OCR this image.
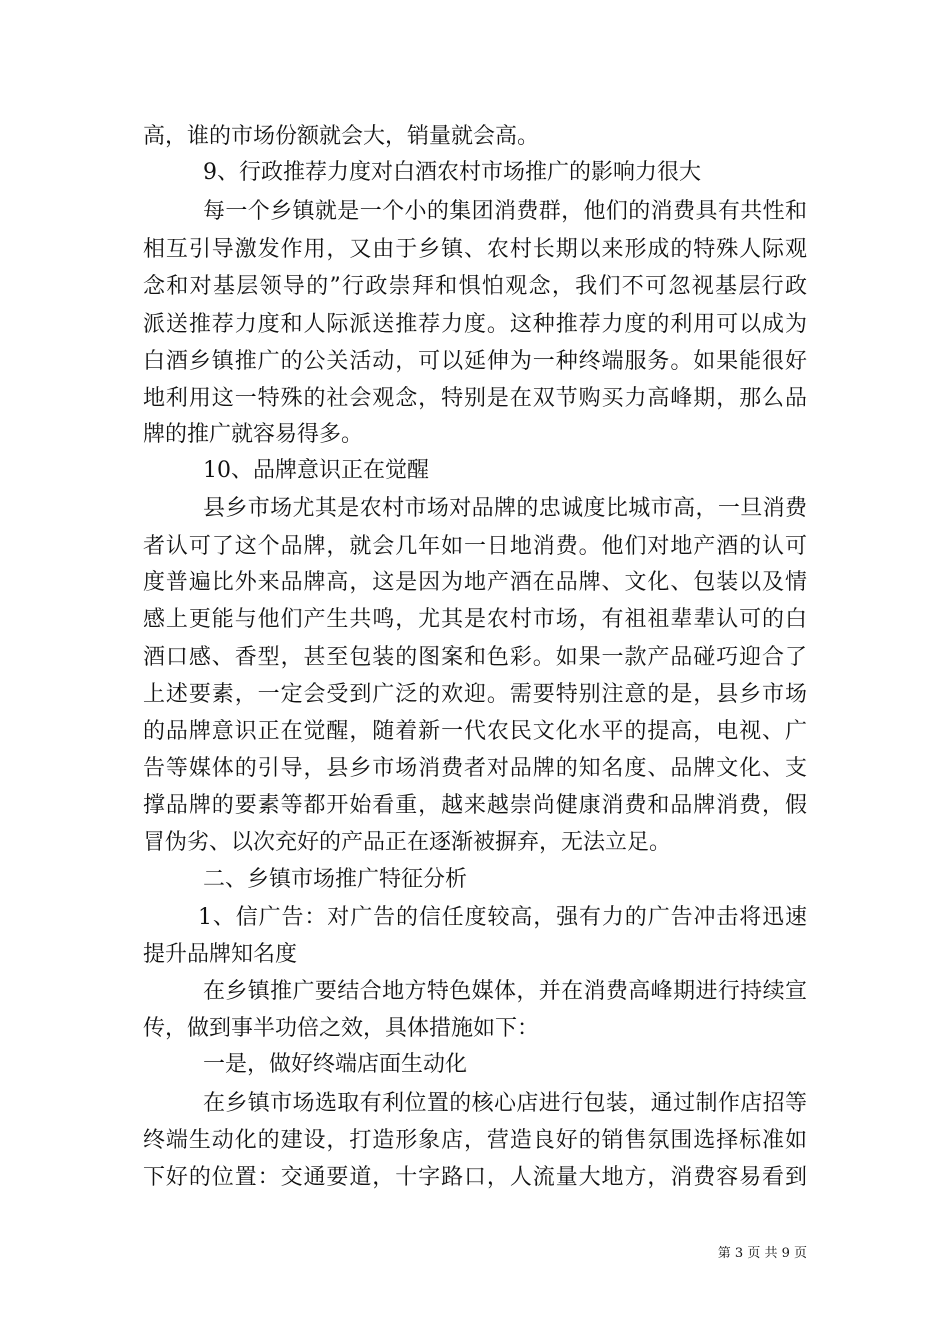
高，谁的市场份额就会大，销量就会高。
9、行政推荐力度对白酒农村市场推广的影响力很大
每一个乡镇就是一个小的集团消费群，他们的消费具有共性和
相互引导激发作用，又由于乡镇、农村长期以来形成的特殊人际观
念和对基层领导的”行政崇拜和惧怕观念，我们不可忽视基层行政
派送推荐力度和人际派送推荐力度。这种推荐力度的利用可以成为
白酒乡镇推广的公关活动，可以延伸为一种终端服务。如果能很好
地利用这一特殊的社会观念，特别是在双节购买力高峰期，那么品
牌的推广就容易得多。
10、品牌意识正在觉醒
县乡市场尤其是农村市场对品牌的忠诚度比城市高，一旦消费
者认可了这个品牌，就会几年如一日地消费。他们对地产酒的认可
度普遍比外来品牌高，这是因为地产酒在品牌、文化、包装以及情
感上更能与他们产生共鸣，尤其是农村市场，有祖祖辈辈认可的白
酒口感、香型，甚至包装的图案和色彩。如果一款产品碰巧迎合了
上述要素，一定会受到广泛的欢迎。需要特别注意的是，县乡市场
的品牌意识正在觉醒，随着新一代农民文化水平的提高，电视、广
告等媒体的引导，县乡市场消费者对品牌的知名度、品牌文化、支
撑品牌的要素等都开始看重，越来越崇尚健康消费和品牌消费，假
冒伪劣、以次充好的产品正在逐渐被摒弃，无法立足。
二、乡镇市场推广特征分析
1、信广告：对广告的信任度较高，强有力的广告冲击将迅速
提升品牌知名度
在乡镇推广要结合地方特色媒体，并在消费高峰期进行持续宣
传，做到事半功倍之效，具体措施如下：
一是，做好终端店面生动化
在乡镇市场选取有利位置的核心店进行包装，通过制作店招等
终端生动化的建设，打造形象店，营造良好的销售氛围选择标准如
下好的位置：交通要道，十字路口，人流量大地方，消费容易看到
第 3 页 共 9 页
